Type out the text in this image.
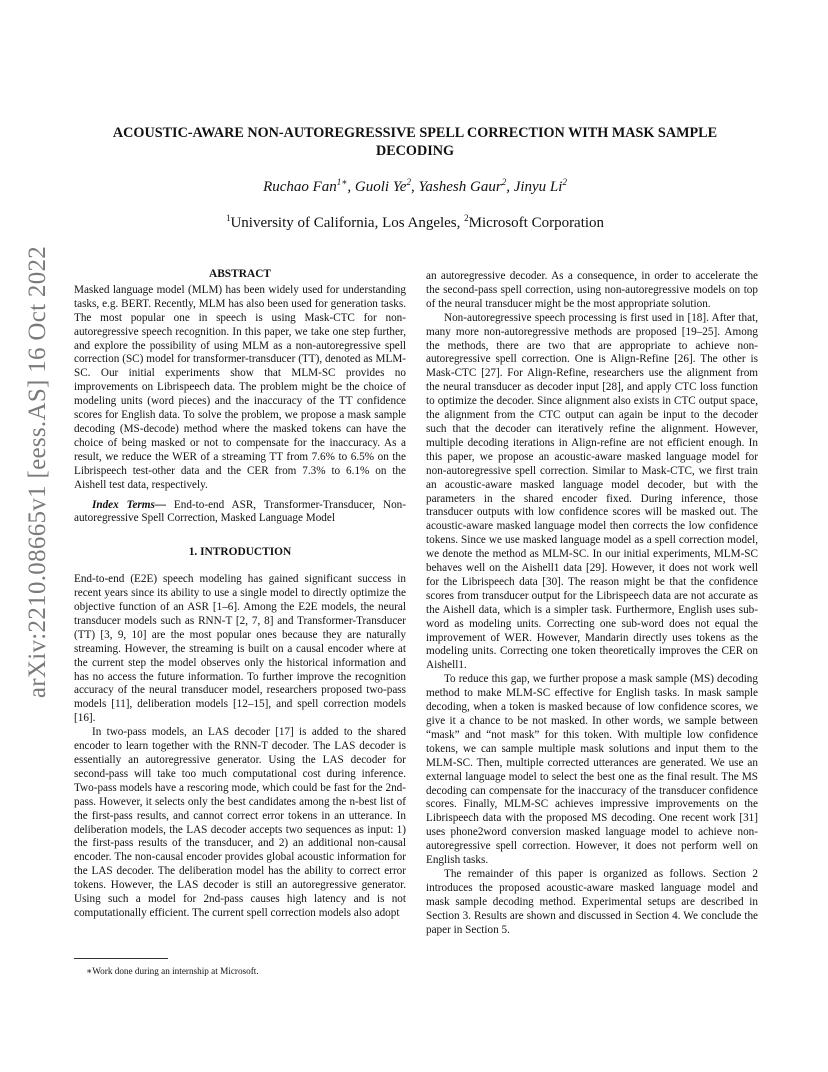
arXiv:2210.08665v1 [eess.AS] 16 Oct 2022
ACOUSTIC-AWARE NON-AUTOREGRESSIVE SPELL CORRECTION WITH MASK SAMPLE DECODING
Ruchao Fan$^{1∗}$, Guoli Ye$^2$, Yashesh Gaur$^2$, Jinyu Li$^2$
$^1$University of California, Los Angeles, $^2$Microsoft Corporation
ABSTRACT

Masked language model (MLM) has been widely used for understanding tasks, e.g. BERT. Recently, MLM has also been used for generation tasks. The most popular one in speech is using Mask-CTC for non-autoregressive speech recognition. In this paper, we take one step further, and explore the possibility of using MLM as a non-autoregressive spell correction (SC) model for transformer-transducer (TT), denoted as MLM-SC. Our initial experiments show that MLM-SC provides no improvements on Librispeech data. The problem might be the choice of modeling units (word pieces) and the inaccuracy of the TT confidence scores for English data. To solve the problem, we propose a mask sample decoding (MS-decode) method where the masked tokens can have the choice of being masked or not to compensate for the inaccuracy. As a result, we reduce the WER of a streaming TT from 7.6% to 6.5% on the Librispeech test-other data and the CER from 7.3% to 6.1% on the Aishell test data, respectively.

Index Terms— End-to-end ASR, Transformer-Transducer, Non-autoregressive Spell Correction, Masked Language Model

1. INTRODUCTION

End-to-end (E2E) speech modeling has gained significant success in recent years since its ability to use a single model to directly optimize the objective function of an ASR [1–6]. Among the E2E models, the neural transducer models such as RNN-T [2, 7, 8] and Transformer-Transducer (TT) [3, 9, 10] are the most popular ones because they are naturally streaming. However, the streaming is built on a causal encoder where at the current step the model observes only the historical information and has no access the future information. To further improve the recognition accuracy of the neural transducer model, researchers proposed two-pass models [11], deliberation models [12–15], and spell correction models [16].

In two-pass models, an LAS decoder [17] is added to the shared encoder to learn together with the RNN-T decoder. The LAS decoder is essentially an autoregressive generator. Using the LAS decoder for second-pass will take too much computational cost during inference. Two-pass models have a rescoring mode, which could be fast for the 2nd-pass. However, it selects only the best candidates among the n-best list of the first-pass results, and cannot correct error tokens in an utterance. In deliberation models, the LAS decoder accepts two sequences as input: 1) the first-pass results of the transducer, and 2) an additional non-causal encoder. The non-causal encoder provides global acoustic information for the LAS decoder. The deliberation model has the ability to correct error tokens. However, the LAS decoder is still an autoregressive generator. Using such a model for 2nd-pass causes high latency and is not computationally efficient. The current spell correction models also adopt

∗Work done during an internship at Microsoft.

an autoregressive decoder. As a consequence, in order to accelerate the the second-pass spell correction, using non-autoregressive models on top of the neural transducer might be the most appropriate solution.

Non-autoregressive speech processing is first used in [18]. After that, many more non-autoregressive methods are proposed [19–25]. Among the methods, there are two that are appropriate to achieve non-autoregressive spell correction. One is Align-Refine [26]. The other is Mask-CTC [27]. For Align-Refine, researchers use the alignment from the neural transducer as decoder input [28], and apply CTC loss function to optimize the decoder. Since alignment also exists in CTC output space, the alignment from the CTC output can again be input to the decoder such that the decoder can iteratively refine the alignment. However, multiple decoding iterations in Align-refine are not efficient enough. In this paper, we propose an acoustic-aware masked language model for non-autoregressive spell correction. Similar to Mask-CTC, we first train an acoustic-aware masked language model decoder, but with the parameters in the shared encoder fixed. During inference, those transducer outputs with low confidence scores will be masked out. The acoustic-aware masked language model then corrects the low confidence tokens. Since we use masked language model as a spell correction model, we denote the method as MLM-SC. In our initial experiments, MLM-SC behaves well on the Aishell1 data [29]. However, it does not work well for the Librispeech data [30]. The reason might be that the confidence scores from transducer output for the Librispeech data are not accurate as the Aishell data, which is a simpler task. Furthermore, English uses sub-word as modeling units. Correcting one sub-word does not equal the improvement of WER. However, Mandarin directly uses tokens as the modeling units. Correcting one token theoretically improves the CER on Aishell1.

To reduce this gap, we further propose a mask sample (MS) decoding method to make MLM-SC effective for English tasks. In mask sample decoding, when a token is masked because of low confidence scores, we give it a chance to be not masked. In other words, we sample between “mask” and “not mask” for this token. With multiple low confidence tokens, we can sample multiple mask solutions and input them to the MLM-SC. Then, multiple corrected utterances are generated. We use an external language model to select the best one as the final result. The MS decoding can compensate for the inaccuracy of the transducer confidence scores. Finally, MLM-SC achieves impressive improvements on the Librispeech data with the proposed MS decoding. One recent work [31] uses phone2word conversion masked language model to achieve non-autoregressive spell correction. However, it does not perform well on English tasks.

The remainder of this paper is organized as follows. Section 2 introduces the proposed acoustic-aware masked language model and mask sample decoding method. Experimental setups are described in Section 3. Results are shown and discussed in Section 4. We conclude the paper in Section 5.
